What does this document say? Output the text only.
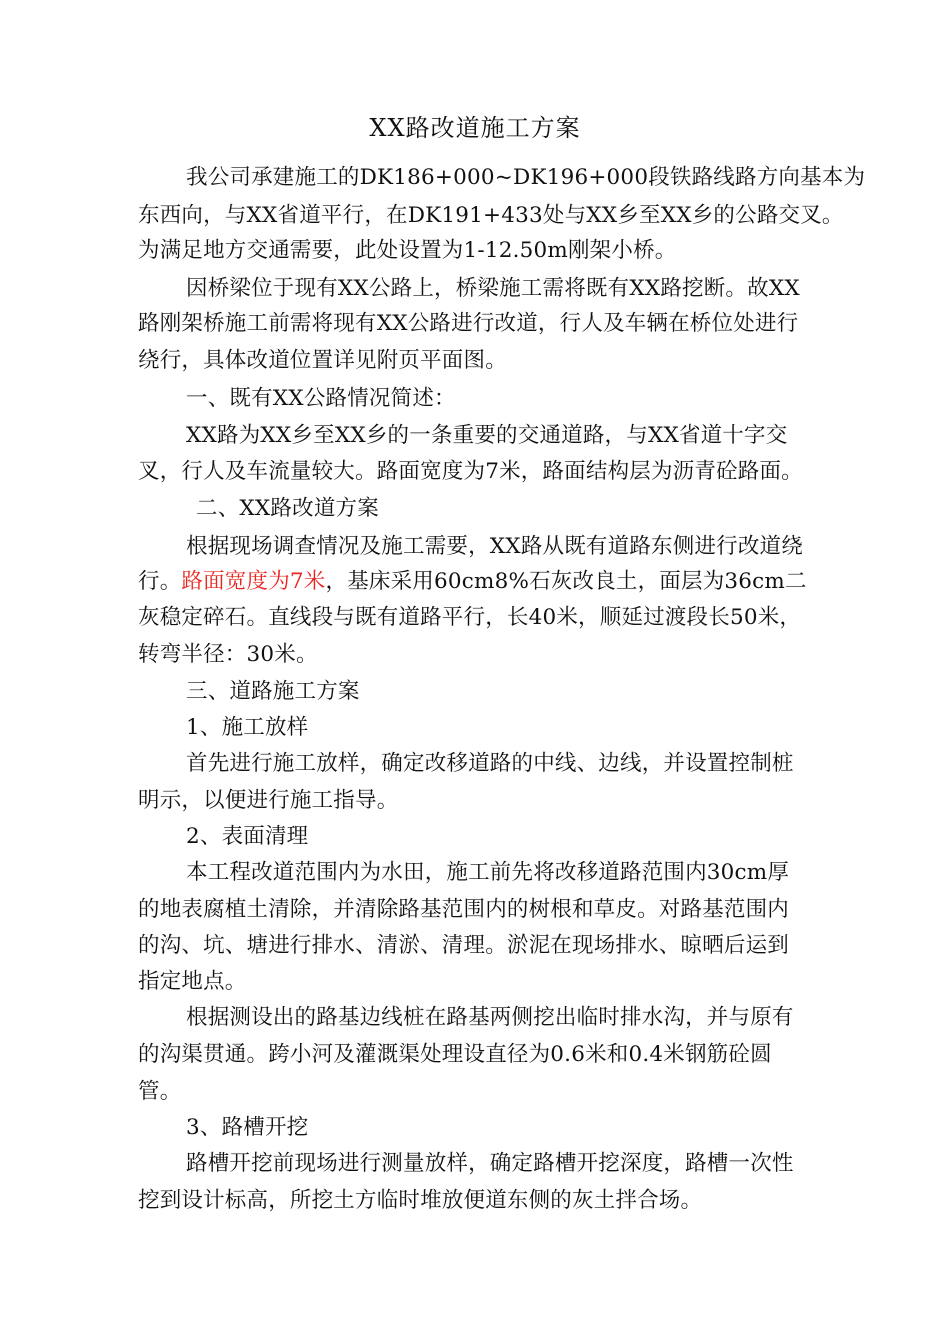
XX路改道施工方案
我公司承建施工的DK186+000~DK196+000段铁路线路方向基本为
东西向，与XX省道平行，在DK191+433处与XX乡至XX乡的公路交叉。
为满足地方交通需要，此处设置为1-12.50m刚架小桥。
因桥梁位于现有XX公路上，桥梁施工需将既有XX路挖断。故XX
路刚架桥施工前需将现有XX公路进行改道，行人及车辆在桥位处进行
绕行，具体改道位置详见附页平面图。
一、既有XX公路情况简述：
XX路为XX乡至XX乡的一条重要的交通道路，与XX省道十字交
叉，行人及车流量较大。路面宽度为7米，路面结构层为沥青砼路面。
二、XX路改道方案
根据现场调查情况及施工需要，XX路从既有道路东侧进行改道绕
行。路面宽度为7米，基床采用60cm8%石灰改良土，面层为36cm二
灰稳定碎石。直线段与既有道路平行，长40米，顺延过渡段长50米，
转弯半径：30米。
三、道路施工方案
1、施工放样
首先进行施工放样，确定改移道路的中线、边线，并设置控制桩
明示，以便进行施工指导。
2、表面清理
本工程改道范围内为水田，施工前先将改移道路范围内30cm厚
的地表腐植土清除，并清除路基范围内的树根和草皮。对路基范围内
的沟、坑、塘进行排水、清淤、清理。淤泥在现场排水、晾晒后运到
指定地点。
根据测设出的路基边线桩在路基两侧挖出临时排水沟，并与原有
的沟渠贯通。跨小河及灌溉渠处理设直径为0.6米和0.4米钢筋砼圆
管。
3、路槽开挖
路槽开挖前现场进行测量放样，确定路槽开挖深度，路槽一次性
挖到设计标高，所挖土方临时堆放便道东侧的灰土拌合场。
